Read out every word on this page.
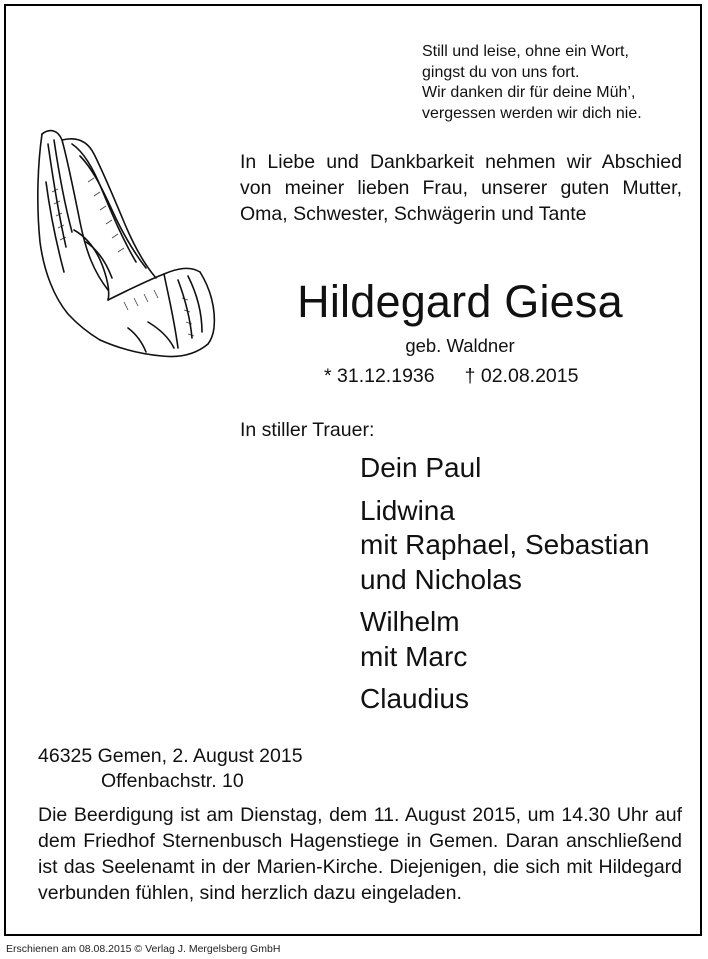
Still und leise, ohne ein Wort,
gingst du von uns fort.
Wir danken dir für deine Müh’,
vergessen werden wir dich nie.
In Liebe und Dankbarkeit nehmen wir Abschied von meiner lieben Frau, unserer guten Mutter, Oma, Schwester, Schwägerin und Tante
Hildegard Giesa
geb. Waldner
* 31.12.1936 † 02.08.2015
In stiller Trauer:
Dein Paul
Lidwina
mit Raphael, Sebastian
und Nicholas
Wilhelm
mit Marc
Claudius
46325 Gemen, 2. August 2015
Offenbachstr. 10
Die Beerdigung ist am Dienstag, dem 11. August 2015, um 14.30 Uhr auf dem Friedhof Sternenbusch Hagenstiege in Gemen. Daran anschließend ist das Seelenamt in der Marien-Kirche. Diejenigen, die sich mit Hildegard verbunden fühlen, sind herzlich dazu eingeladen.
Erschienen am 08.08.2015 © Verlag J. Mergelsberg GmbH
